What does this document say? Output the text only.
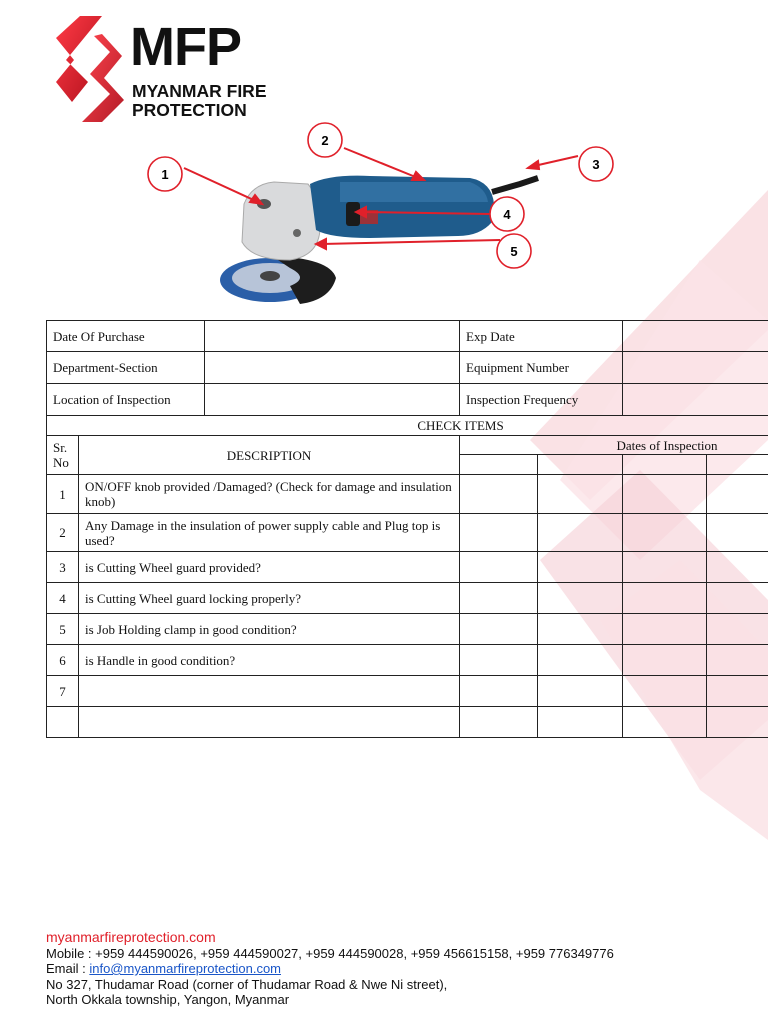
MFP
MYANMAR FIRE
PROTECTION
1
2
3
4
5
Date Of Purchase			Exp Date				
Department-Section			Equipment Number				
Location of Inspection			Inspection Frequency				
CHECK ITEMS							
Sr. No	DESCRIPTION		Dates of Inspection				

1	ON/OFF knob provided /Damaged? (Check for damage and insulation knob)						
2	Any Damage in the insulation of power supply cable and Plug top is used?						
3	is Cutting Wheel guard provided?						
4	is Cutting Wheel guard locking properly?						
5	is Job Holding clamp in good condition?						
6	is Handle in good condition?						
7							

myanmarfireprotection.com
Mobile : +959 444590026, +959 444590027, +959 444590028, +959 456615158, +959 776349776
Email : info@myanmarfireprotection.com
No 327, Thudamar Road (corner of Thudamar Road & Nwe Ni street),
North Okkala township, Yangon, Myanmar
